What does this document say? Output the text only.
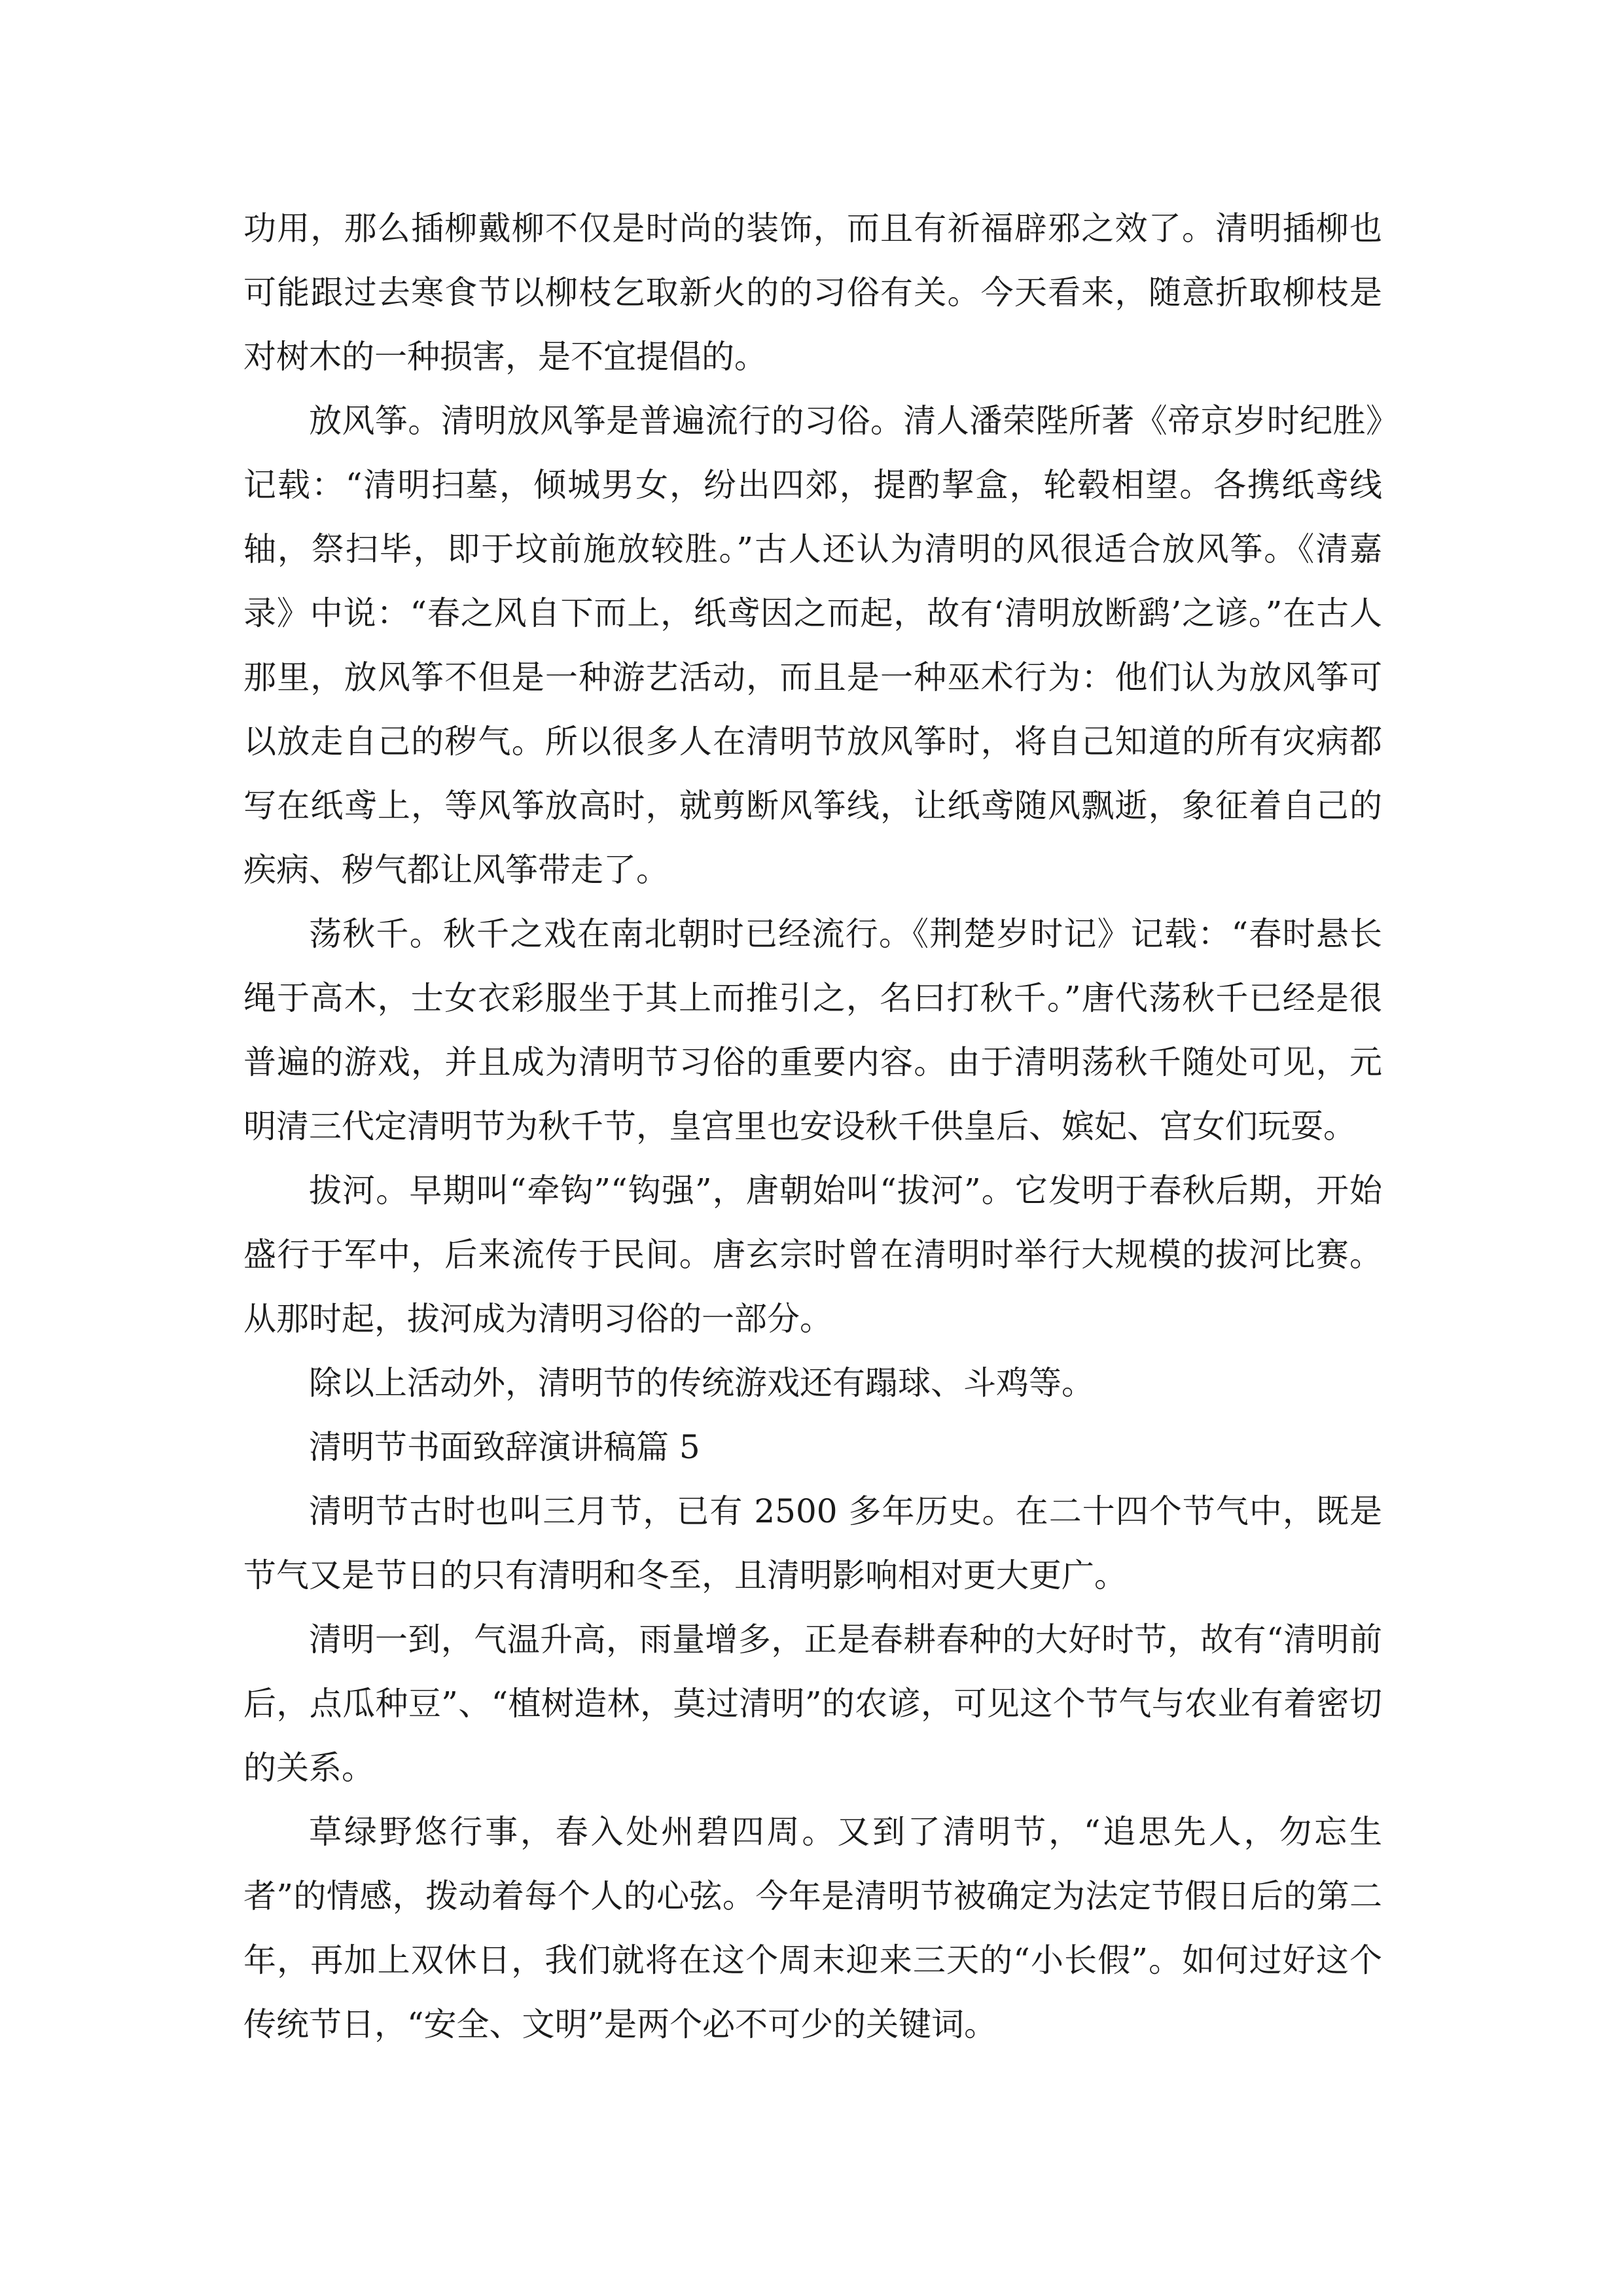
功用，那么插柳戴柳不仅是时尚的装饰，而且有祈福辟邪之效了。清明插柳也可能跟过去寒食节以柳枝乞取新火的的习俗有关。今天看来，随意折取柳枝是对树木的一种损害，是不宜提倡的。

放风筝。清明放风筝是普遍流行的习俗。清人潘荣陛所著《帝京岁时纪胜》记载：“清明扫墓，倾城男女，纷出四郊，提酌挈盒，轮毂相望。各携纸鸢线轴，祭扫毕，即于坟前施放较胜。”古人还认为清明的风很适合放风筝。《清嘉录》中说：“春之风自下而上，纸鸢因之而起，故有‘清明放断鹞’之谚。”在古人那里，放风筝不但是一种游艺活动，而且是一种巫术行为：他们认为放风筝可以放走自己的秽气。所以很多人在清明节放风筝时，将自己知道的所有灾病都写在纸鸢上，等风筝放高时，就剪断风筝线，让纸鸢随风飘逝，象征着自己的疾病、秽气都让风筝带走了。

荡秋千。秋千之戏在南北朝时已经流行。《荆楚岁时记》记载：“春时悬长绳于高木，士女衣彩服坐于其上而推引之，名曰打秋千。”唐代荡秋千已经是很普遍的游戏，并且成为清明节习俗的重要内容。由于清明荡秋千随处可见，元明清三代定清明节为秋千节，皇宫里也安设秋千供皇后、嫔妃、宫女们玩耍。

拔河。早期叫“牵钩”“钩强”，唐朝始叫“拔河”。它发明于春秋后期，开始盛行于军中，后来流传于民间。唐玄宗时曾在清明时举行大规模的拔河比赛。从那时起，拔河成为清明习俗的一部分。

除以上活动外，清明节的传统游戏还有蹋球、斗鸡等。

清明节书面致辞演讲稿篇 5

清明节古时也叫三月节，已有 2500 多年历史。在二十四个节气中，既是节气又是节日的只有清明和冬至，且清明影响相对更大更广。

清明一到，气温升高，雨量增多，正是春耕春种的大好时节，故有“清明前后，点瓜种豆”、“植树造林，莫过清明”的农谚，可见这个节气与农业有着密切的关系。

草绿野悠行事，春入处州碧四周。又到了清明节，“追思先人，勿忘生者”的情感，拨动着每个人的心弦。今年是清明节被确定为法定节假日后的第二年，再加上双休日，我们就将在这个周末迎来三天的“小长假”。如何过好这个传统节日，“安全、文明”是两个必不可少的关键词。
